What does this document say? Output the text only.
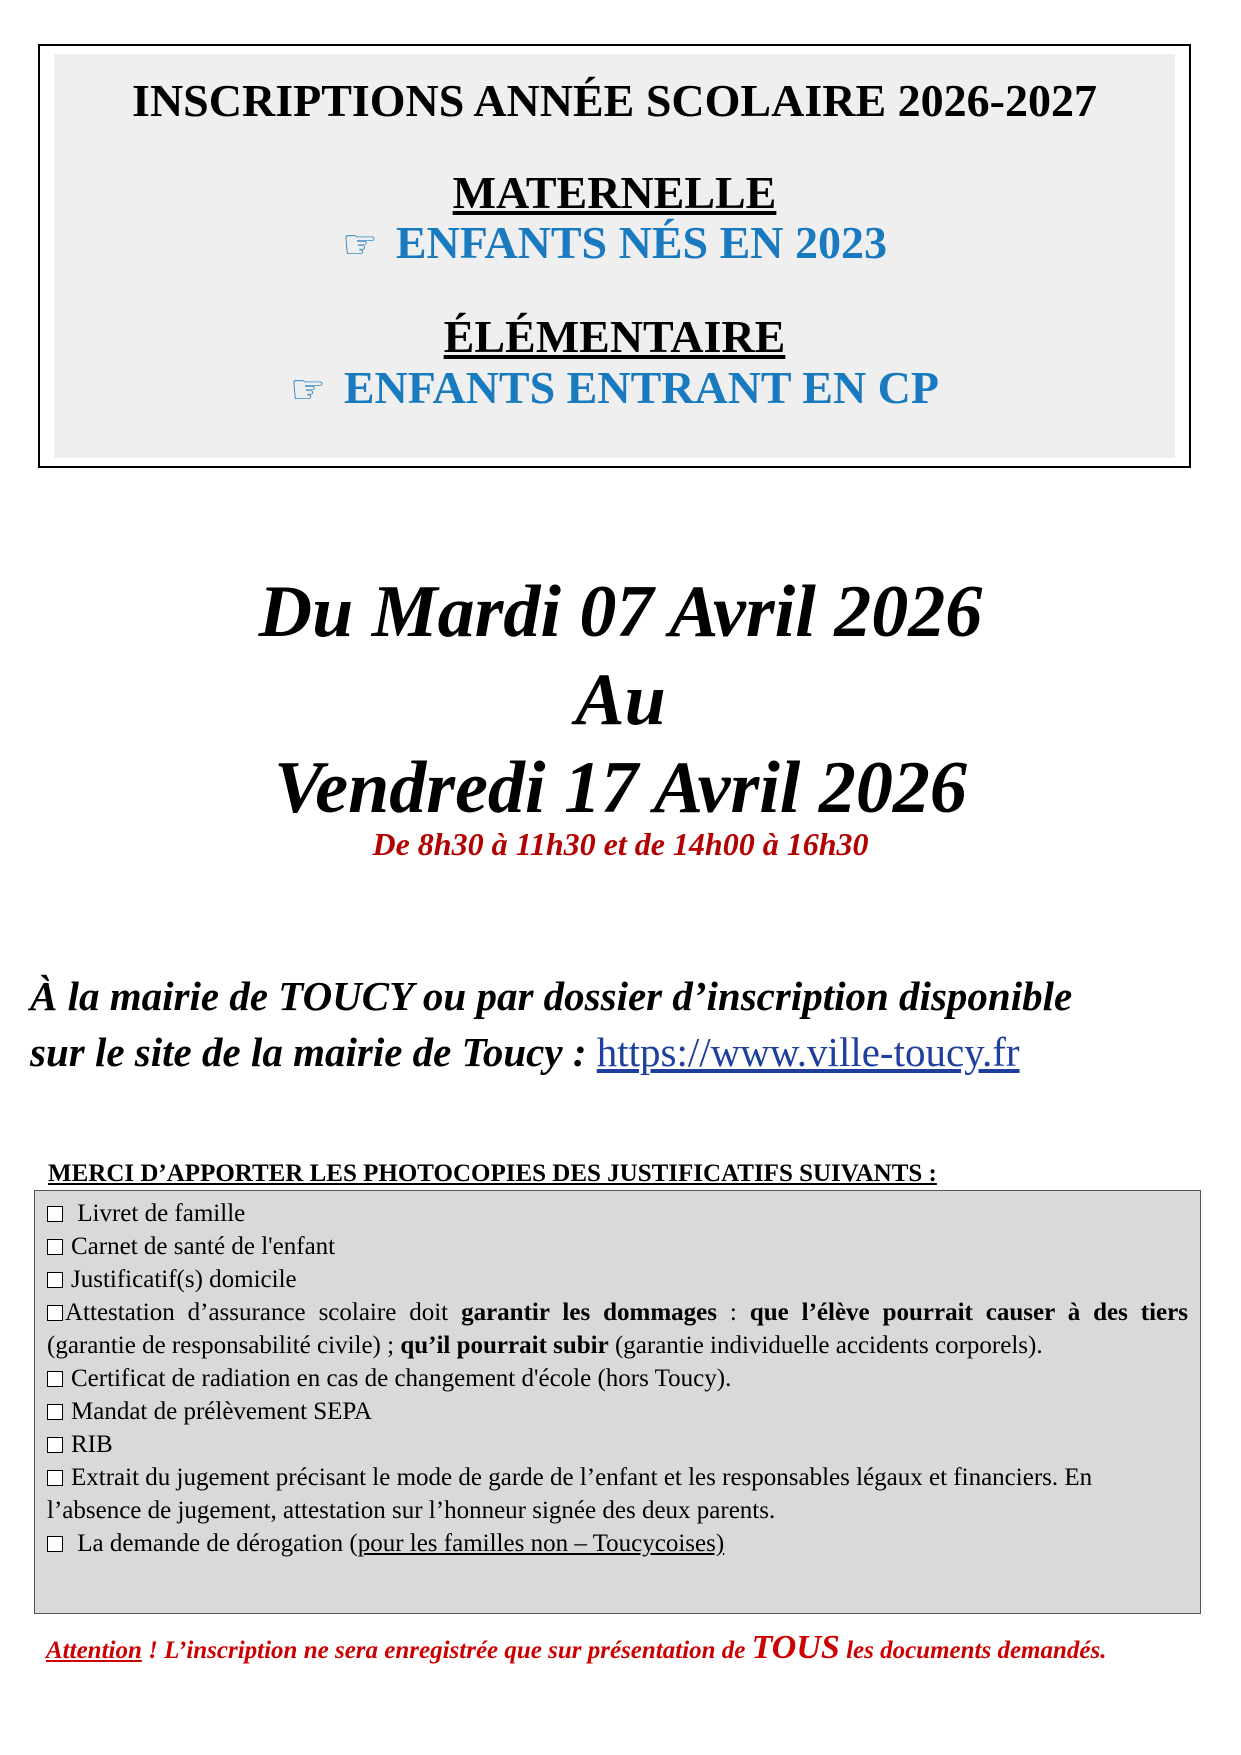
INSCRIPTIONS ANNÉE SCOLAIRE 2026-2027
MATERNELLE
☞ ENFANTS NÉS EN 2023
ÉLÉMENTAIRE
☞ ENFANTS ENTRANT EN CP
Du Mardi 07 Avril 2026
Au
Vendredi 17 Avril 2026
De 8h30 à 11h30 et de 14h00 à 16h30
À la mairie de TOUCY ou par dossier d’inscription disponible
sur le site de la mairie de Toucy : https://www.ville-toucy.fr
MERCI D’APPORTER LES PHOTOCOPIES DES JUSTIFICATIFS SUIVANTS :
Livret de famille
Carnet de santé de l'enfant
Justificatif(s) domicile
Attestation d’assurance scolaire doit garantir les dommages : que l’élève pourrait causer à des tiers (garantie de responsabilité civile) ; qu’il pourrait subir (garantie individuelle accidents corporels).
Certificat de radiation en cas de changement d'école (hors Toucy).
Mandat de prélèvement SEPA
RIB
Extrait du jugement précisant le mode de garde de l’enfant et les responsables légaux et financiers. En l’absence de jugement, attestation sur l’honneur signée des deux parents.
La demande de dérogation (pour les familles non – Toucycoises)
Attention ! L’inscription ne sera enregistrée que sur présentation de TOUS les documents demandés.
